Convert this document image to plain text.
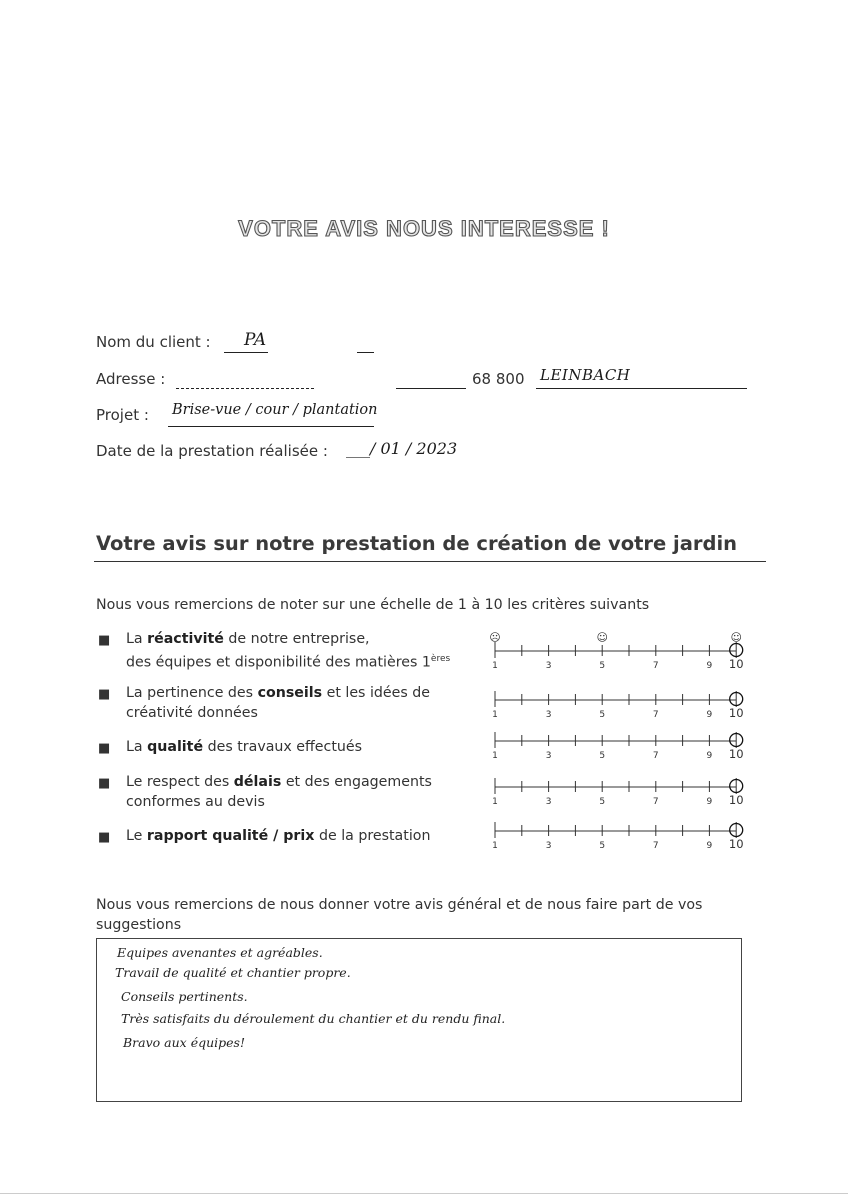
VOTRE AVIS NOUS INTERESSE !
Nom du client : PA
Adresse :	68 800 LEINBACH
Projet : Brise-vue / cour / plantation
Date de la prestation réalisée : ___/ 01 / 2023
Votre avis sur notre prestation de création de votre jardin
Nous vous remercions de noter sur une échelle de 1 à 10 les critères suivants
■ La réactivité de notre entreprise,
des équipes et disponibilité des matières 1ères
■ La pertinence des conseils et les idées de
créativité données
■ La qualité des travaux effectués
■ Le respect des délais et des engagements
conformes au devis
■ Le rapport qualité / prix de la prestation
☹	☺	☺
1	3	5	7	9 10
1	3	5	7	9 10
1	3	5	7	9 10
1	3	5	7	9 10
1	3	5	7	9 10
Nous vous remercions de nous donner votre avis général et de nous faire part de vos suggestions
Equipes avenantes et agréables.
Travail de qualité et chantier propre.
Conseils pertinents.
Très satisfaits du déroulement du chantier et du rendu final.
Bravo aux équipes!
